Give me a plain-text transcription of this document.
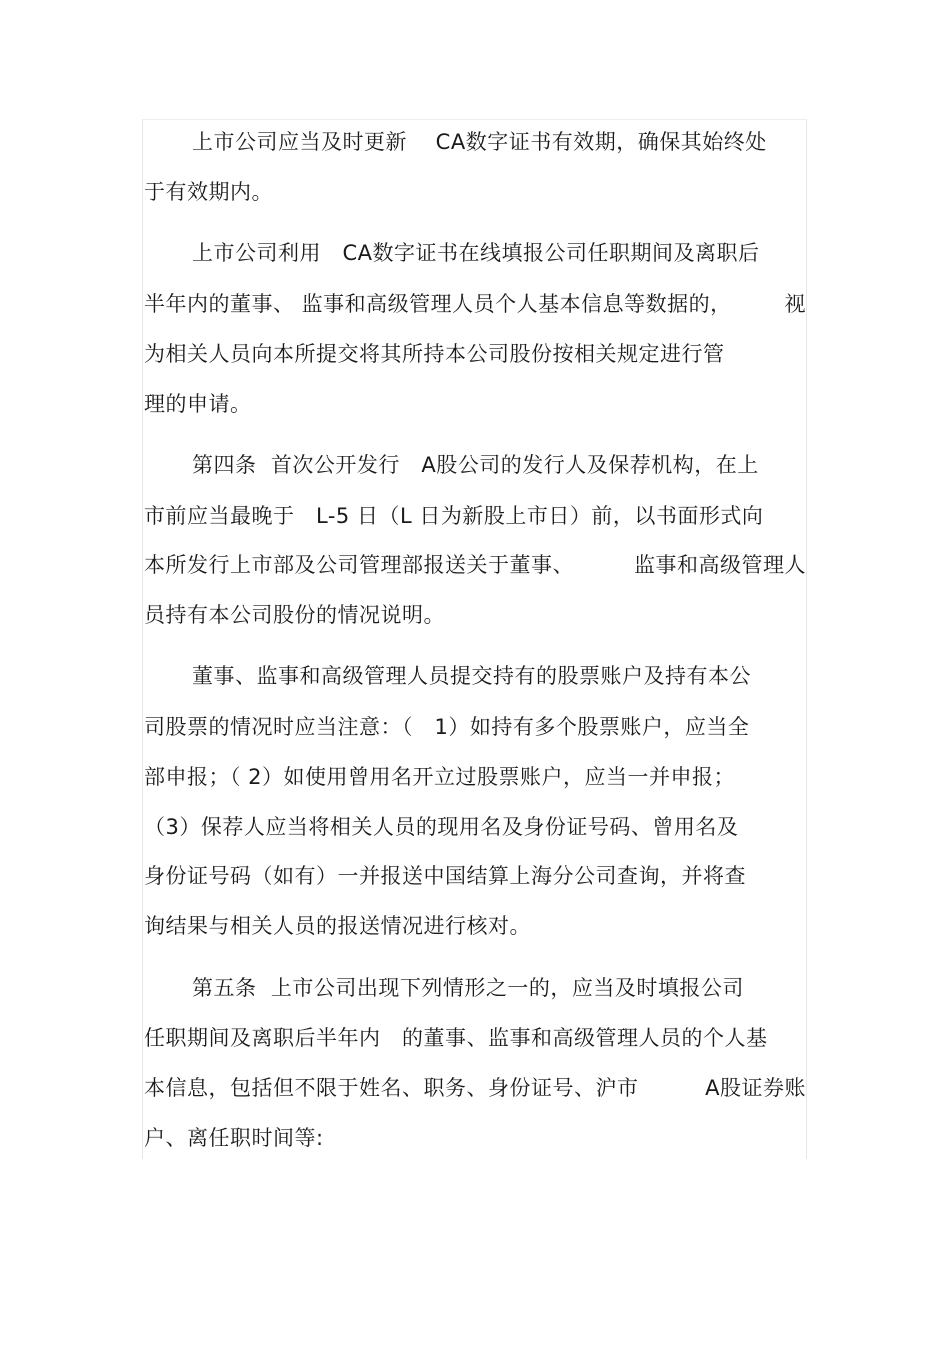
上市公司应当及时更新　 CA数字证书有效期，确保其始终处
于有效期内。
上市公司利用　CA数字证书在线填报公司任职期间及离职后
半年内的董事、 监事和高级管理人员个人基本信息等数据的，	视
为相关人员向本所提交将其所持本公司股份按相关规定进行管
理的申请。
第四条  首次公开发行　A股公司的发行人及保荐机构，在上
市前应当最晚于　L-5 日（L 日为新股上市日）前，以书面形式向
本所发行上市部及公司管理部报送关于董事、	监事和高级管理人
员持有本公司股份的情况说明。
董事、监事和高级管理人员提交持有的股票账户及持有本公
司股票的情况时应当注意：（　1）如持有多个股票账户，应当全
部申报；（ 2）如使用曾用名开立过股票账户，应当一并申报；
（3）保荐人应当将相关人员的现用名及身份证号码、曾用名及
身份证号码（如有）一并报送中国结算上海分公司查询，并将查
询结果与相关人员的报送情况进行核对。
第五条  上市公司出现下列情形之一的，应当及时填报公司
任职期间及离职后半年内　的董事、监事和高级管理人员的个人基
本信息，包括但不限于姓名、职务、身份证号、沪市	A股证券账
户、离任职时间等:
